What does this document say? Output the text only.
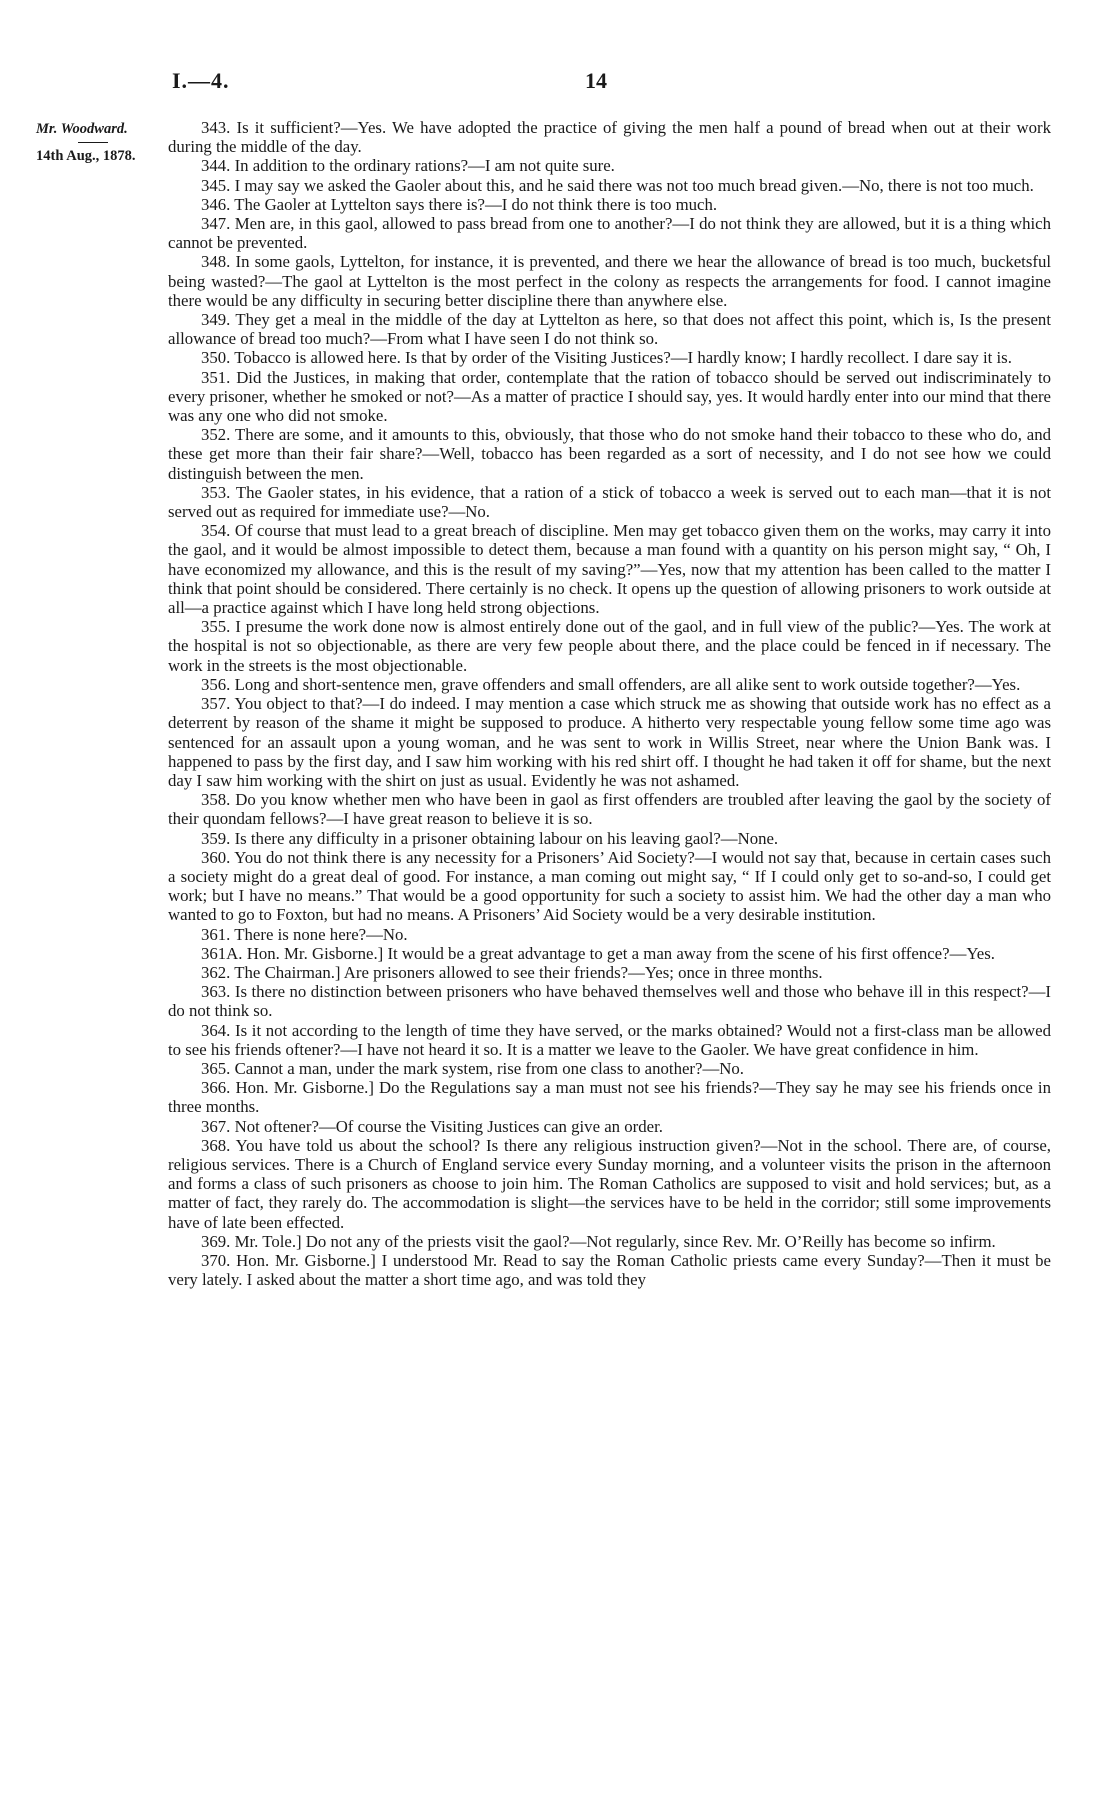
I.—4.	14
Mr. Woodward.
14th Aug., 1878.

343. Is it sufficient?—Yes. We have adopted the practice of giving the men half a pound of bread when out at their work during the middle of the day.

344. In addition to the ordinary rations?—I am not quite sure.

345. I may say we asked the Gaoler about this, and he said there was not too much bread given.—No, there is not too much.

346. The Gaoler at Lyttelton says there is?—I do not think there is too much.

347. Men are, in this gaol, allowed to pass bread from one to another?—I do not think they are allowed, but it is a thing which cannot be prevented.

348. In some gaols, Lyttelton, for instance, it is prevented, and there we hear the allowance of bread is too much, bucketsful being wasted?—The gaol at Lyttelton is the most perfect in the colony as respects the arrangements for food. I cannot imagine there would be any difficulty in securing better discipline there than anywhere else.

349. They get a meal in the middle of the day at Lyttelton as here, so that does not affect this point, which is, Is the present allowance of bread too much?—From what I have seen I do not think so.

350. Tobacco is allowed here. Is that by order of the Visiting Justices?—I hardly know; I hardly recollect. I dare say it is.

351. Did the Justices, in making that order, contemplate that the ration of tobacco should be served out indiscriminately to every prisoner, whether he smoked or not?—As a matter of practice I should say, yes. It would hardly enter into our mind that there was any one who did not smoke.

352. There are some, and it amounts to this, obviously, that those who do not smoke hand their tobacco to these who do, and these get more than their fair share?—Well, tobacco has been regarded as a sort of necessity, and I do not see how we could distinguish between the men.

353. The Gaoler states, in his evidence, that a ration of a stick of tobacco a week is served out to each man—that it is not served out as required for immediate use?—No.

354. Of course that must lead to a great breach of discipline. Men may get tobacco given them on the works, may carry it into the gaol, and it would be almost impossible to detect them, because a man found with a quantity on his person might say, “ Oh, I have economized my allowance, and this is the result of my saving?”—Yes, now that my attention has been called to the matter I think that point should be considered. There certainly is no check. It opens up the question of allowing prisoners to work outside at all—a practice against which I have long held strong objections.

355. I presume the work done now is almost entirely done out of the gaol, and in full view of the public?—Yes. The work at the hospital is not so objectionable, as there are very few people about there, and the place could be fenced in if necessary. The work in the streets is the most objectionable.

356. Long and short-sentence men, grave offenders and small offenders, are all alike sent to work outside together?—Yes.

357. You object to that?—I do indeed. I may mention a case which struck me as showing that outside work has no effect as a deterrent by reason of the shame it might be supposed to produce. A hitherto very respectable young fellow some time ago was sentenced for an assault upon a young woman, and he was sent to work in Willis Street, near where the Union Bank was. I happened to pass by the first day, and I saw him working with his red shirt off. I thought he had taken it off for shame, but the next day I saw him working with the shirt on just as usual. Evidently he was not ashamed.

358. Do you know whether men who have been in gaol as first offenders are troubled after leaving the gaol by the society of their quondam fellows?—I have great reason to believe it is so.

359. Is there any difficulty in a prisoner obtaining labour on his leaving gaol?—None.

360. You do not think there is any necessity for a Prisoners’ Aid Society?—I would not say that, because in certain cases such a society might do a great deal of good. For instance, a man coming out might say, “ If I could only get to so-and-so, I could get work; but I have no means.” That would be a good opportunity for such a society to assist him. We had the other day a man who wanted to go to Foxton, but had no means. A Prisoners’ Aid Society would be a very desirable institution.

361. There is none here?—No.

361A. Hon. Mr. Gisborne.] It would be a great advantage to get a man away from the scene of his first offence?—Yes.

362. The Chairman.] Are prisoners allowed to see their friends?—Yes; once in three months.

363. Is there no distinction between prisoners who have behaved themselves well and those who behave ill in this respect?—I do not think so.

364. Is it not according to the length of time they have served, or the marks obtained? Would not a first-class man be allowed to see his friends oftener?—I have not heard it so. It is a matter we leave to the Gaoler. We have great confidence in him.

365. Cannot a man, under the mark system, rise from one class to another?—No.

366. Hon. Mr. Gisborne.] Do the Regulations say a man must not see his friends?—They say he may see his friends once in three months.

367. Not oftener?—Of course the Visiting Justices can give an order.

368. You have told us about the school? Is there any religious instruction given?—Not in the school. There are, of course, religious services. There is a Church of England service every Sunday morning, and a volunteer visits the prison in the afternoon and forms a class of such prisoners as choose to join him. The Roman Catholics are supposed to visit and hold services; but, as a matter of fact, they rarely do. The accommodation is slight—the services have to be held in the corridor; still some improvements have of late been effected.

369. Mr. Tole.] Do not any of the priests visit the gaol?—Not regularly, since Rev. Mr. O’Reilly has become so infirm.

370. Hon. Mr. Gisborne.] I understood Mr. Read to say the Roman Catholic priests came every Sunday?—Then it must be very lately. I asked about the matter a short time ago, and was told they
